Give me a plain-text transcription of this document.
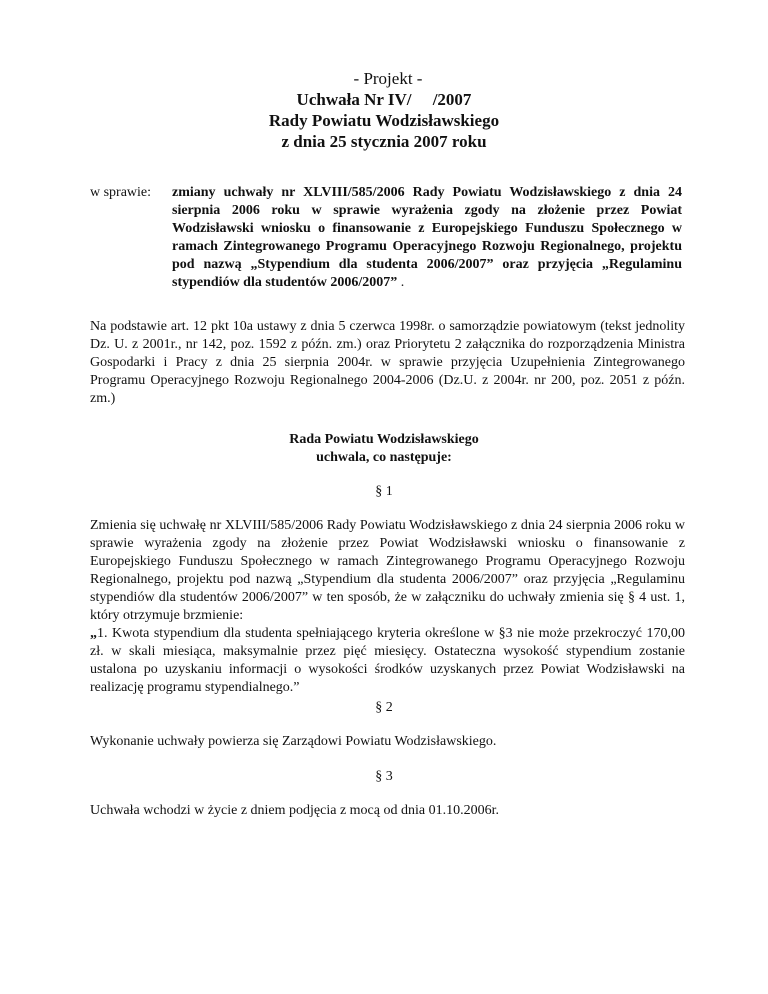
- Projekt -
Uchwała Nr IV/     /2007
Rady Powiatu Wodzisławskiego
z dnia 25 stycznia 2007 roku
w sprawie: zmiany uchwały nr XLVIII/585/2006 Rady Powiatu Wodzisławskiego z dnia 24 sierpnia 2006 roku w sprawie wyrażenia zgody na złożenie przez Powiat Wodzisławski wniosku o finansowanie z Europejskiego Funduszu Społecznego w ramach Zintegrowanego Programu Operacyjnego Rozwoju Regionalnego, projektu pod nazwą „Stypendium dla studenta 2006/2007” oraz przyjęcia „Regulaminu stypendiów dla studentów 2006/2007” .
Na podstawie art. 12 pkt 10a ustawy z dnia 5 czerwca 1998r. o samorządzie powiatowym (tekst jednolity Dz. U. z 2001r., nr 142, poz. 1592 z późn. zm.) oraz Priorytetu 2 załącznika do rozporządzenia Ministra Gospodarki i Pracy z dnia 25 sierpnia 2004r. w sprawie przyjęcia Uzupełnienia Zintegrowanego Programu Operacyjnego Rozwoju Regionalnego 2004-2006 (Dz.U. z 2004r. nr 200, poz. 2051 z późn. zm.)
Rada Powiatu Wodzisławskiego
uchwala, co następuje:
§ 1
Zmienia się uchwałę nr XLVIII/585/2006 Rady Powiatu Wodzisławskiego z dnia 24 sierpnia 2006 roku w sprawie wyrażenia zgody na złożenie przez Powiat Wodzisławski wniosku o finansowanie z Europejskiego Funduszu Społecznego w ramach Zintegrowanego Programu Operacyjnego Rozwoju Regionalnego, projektu pod nazwą „Stypendium dla studenta 2006/2007” oraz przyjęcia „Regulaminu stypendiów dla studentów 2006/2007” w ten sposób, że w załączniku do uchwały zmienia się § 4 ust. 1, który otrzymuje brzmienie:
„1. Kwota stypendium dla studenta spełniającego kryteria określone w §3 nie może przekroczyć 170,00 zł. w skali miesiąca, maksymalnie przez pięć miesięcy. Ostateczna wysokość stypendium zostanie ustalona po uzyskaniu informacji o wysokości środków uzyskanych przez Powiat Wodzisławski na realizację programu stypendialnego.”
§ 2
Wykonanie uchwały powierza się Zarządowi Powiatu Wodzisławskiego.
§ 3
Uchwała wchodzi w życie z dniem podjęcia z mocą od dnia 01.10.2006r.
